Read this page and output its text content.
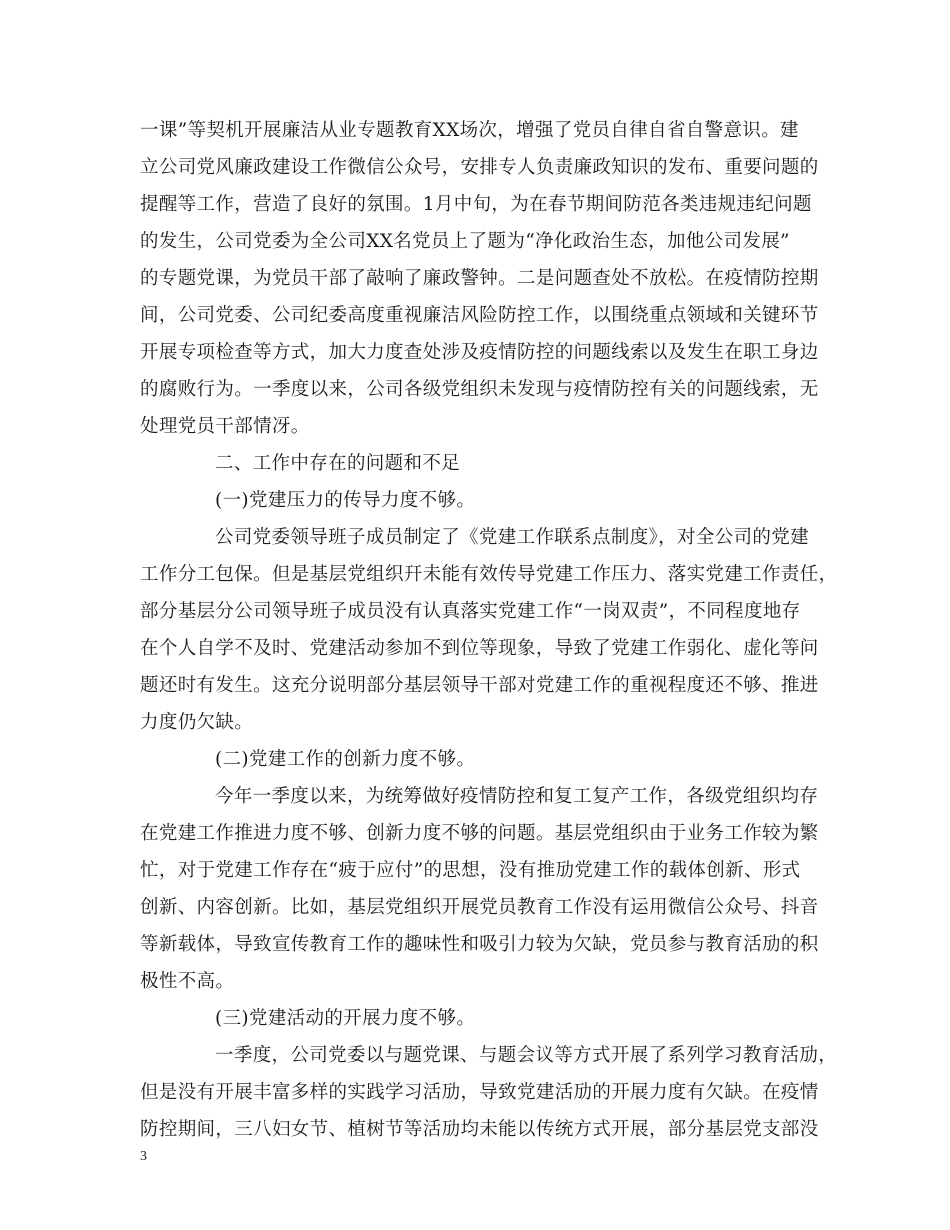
一课”等契机开展廉洁从业专题教育XX场次，增强了党员自律自省自警意识。建
立公司党风廉政建设工作微信公众号，安排专人负责廉政知识的发布、重要问题的
提醒等工作，营造了良好的氛围。1月中旬，为在春节期间防范各类违规违纪问题
的发生，公司党委为全公司XX名党员上了题为“净化政治生态，加他公司发展”
的专题党课，为党员干部了敲响了廉政警钟。二是问题查处不放松。在疫情防控期
间，公司党委、公司纪委高度重视廉洁风险防控工作，以围绕重点领域和关键环节
开展专项检查等方式，加大力度查处涉及疫情防控的问题线索以及发生在职工身边
的腐败行为。一季度以来，公司各级党组织未发现与疫情防控有关的问题线索，无
处理党员干部情冴。
二、工作中存在的问题和不足
(一)党建压力的传导力度不够。
公司党委领导班子成员制定了《党建工作联系点制度》，对全公司的党建
工作分工包保。但是基层党组织幵未能有效传导党建工作压力、落实党建工作责任，
部分基层分公司领导班子成员没有认真落实党建工作“一岗双责”，不同程度地存
在个人自学不及时、党建活动参加不到位等现象，导致了党建工作弱化、虚化等问
题还时有发生。这充分说明部分基层领导干部对党建工作的重视程度还不够、推进
力度仍欠缺。
(二)党建工作的创新力度不够。
今年一季度以来，为统筹做好疫情防控和复工复产工作，各级党组织均存
在党建工作推进力度不够、创新力度不够的问题。基层党组织由于业务工作较为繁
忙，对于党建工作存在“疲于应付”的思想，没有推劢党建工作的载体创新、形式
创新、内容创新。比如，基层党组织开展党员教育工作没有运用微信公众号、抖音
等新载体，导致宣传教育工作的趣味性和吸引力较为欠缺，党员参与教育活劢的积
极性不高。
(三)党建活动的开展力度不够。
一季度，公司党委以与题党课、与题会议等方式开展了系列学习教育活劢，
但是没有开展丰富多样的实践学习活劢，导致党建活劢的开展力度有欠缺。在疫情
防控期间，三八妇女节、植树节等活劢均未能以传统方式开展，部分基层党支部没
3
